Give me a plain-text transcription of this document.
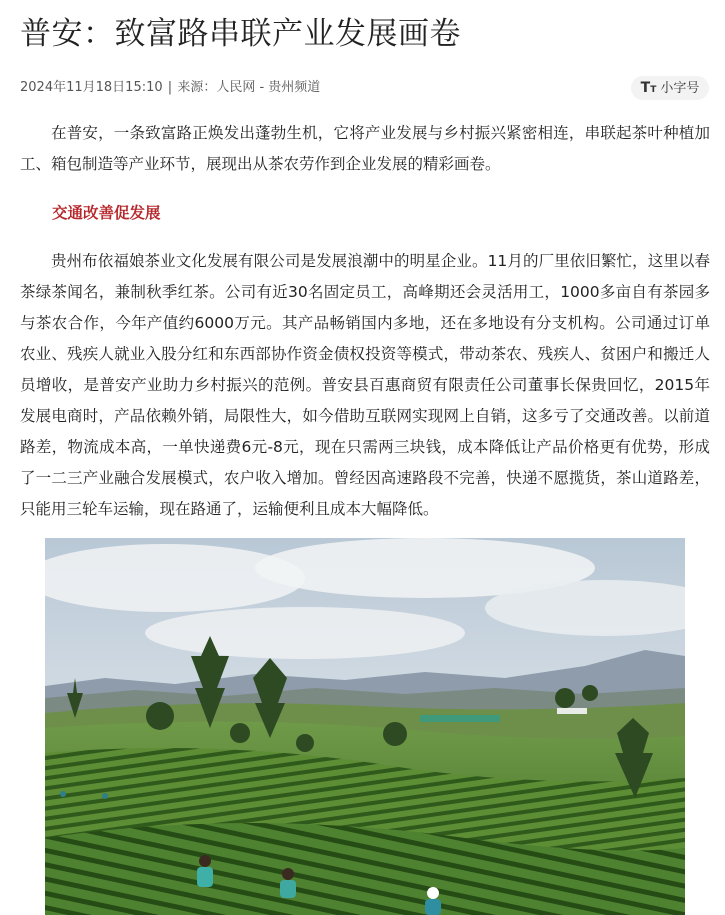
普安：致富路串联产业发展画卷
2024年11月18日15:10 | 来源：人民网 - 贵州频道	TT 小字号

在普安，一条致富路正焕发出蓬勃生机，它将产业发展与乡村振兴紧密相连，串联起茶叶种植加工、箱包制造等产业环节，展现出从茶农劳作到企业发展的精彩画卷。

交通改善促发展

贵州布依福娘茶业文化发展有限公司是发展浪潮中的明星企业。11月的厂里依旧繁忙，这里以春茶绿茶闻名，兼制秋季红茶。公司有近30名固定员工，高峰期还会灵活用工，1000多亩自有茶园多与茶农合作，今年产值约6000万元。其产品畅销国内多地，还在多地设有分支机构。公司通过订单农业、残疾人就业入股分红和东西部协作资金债权投资等模式，带动茶农、残疾人、贫困户和搬迁人员增收，是普安产业助力乡村振兴的范例。普安县百惠商贸有限责任公司董事长保贵回忆，2015年发展电商时，产品依赖外销，局限性大，如今借助互联网实现网上自销，这多亏了交通改善。以前道路差，物流成本高，一单快递费6元-8元，现在只需两三块钱，成本降低让产品价格更有优势，形成了一二三产业融合发展模式，农户收入增加。曾经因高速路段不完善，快递不愿揽货，茶山道路差，只能用三轮车运输，现在路通了，运输便利且成本大幅降低。
